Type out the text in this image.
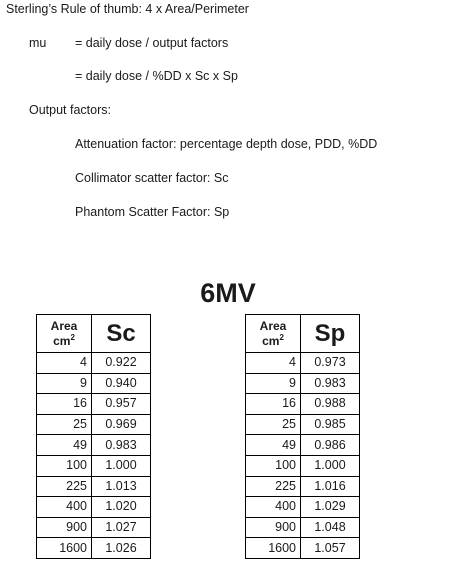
Sterling’s Rule of thumb: 4 x Area/Perimeter
mu = daily dose / output factors
= daily dose / %DD x Sc x Sp
Output factors:
Attenuation factor: percentage depth dose, PDD, %DD
Collimator scatter factor: Sc
Phantom Scatter Factor: Sp
6MV
Area
$cm^2$	Sc
4	0.922
9	0.940
16	0.957
25	0.969
49	0.983
100	1.000
225	1.013
400	1.020
900	1.027
1600	1.026
Area
$cm^2$	Sp
4	0.973
9	0.983
16	0.988
25	0.985
49	0.986
100	1.000
225	1.016
400	1.029
900	1.048
1600	1.057
